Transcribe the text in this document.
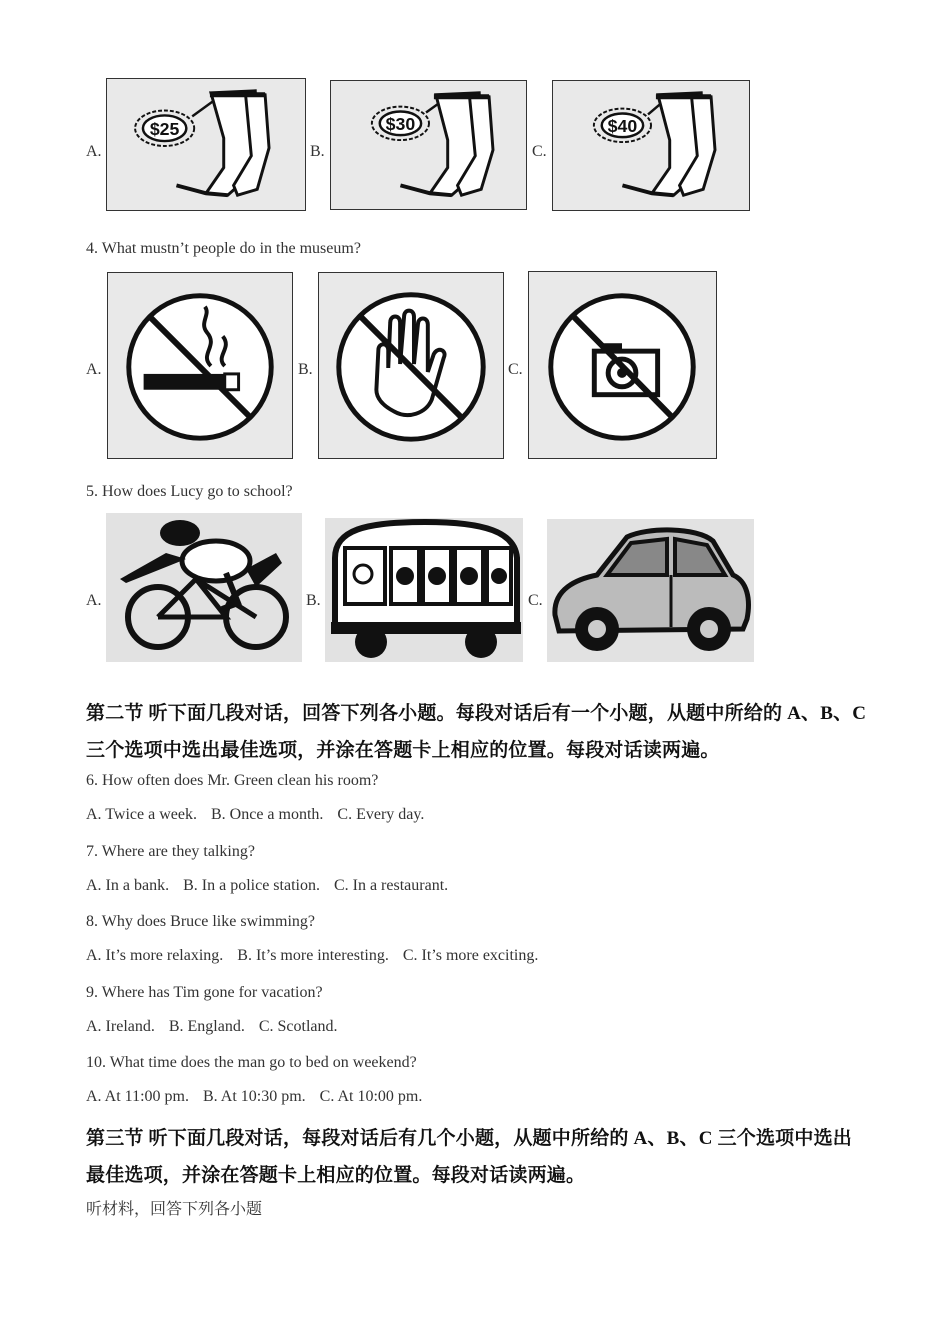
A.
$25
B.
$30
C.
$40
4. What mustn’t people do in the museum?
A.	B.	C.
5. How does Lucy go to school?
A.	B.	C.
第二节 听下面几段对话，回答下列各小题。每段对话后有一个小题，从题中所给的 A、B、C
三个选项中选出最佳选项，并涂在答题卡上相应的位置。每段对话读两遍。
6. How often does Mr. Green clean his room?
A. Twice a week. B. Once a month. C. Every day.
7. Where are they talking?
A. In a bank. B. In a police station. C. In a restaurant.
8. Why does Bruce like swimming?
A. It’s more relaxing. B. It’s more interesting. C. It’s more exciting.
9. Where has Tim gone for vacation?
A. Ireland. B. England. C. Scotland.
10. What time does the man go to bed on weekend?
A. At 11:00 pm. B. At 10:30 pm. C. At 10:00 pm.
第三节 听下面几段对话，每段对话后有几个小题，从题中所给的 A、B、C 三个选项中选出
最佳选项，并涂在答题卡上相应的位置。每段对话读两遍。
听材料，回答下列各小题
